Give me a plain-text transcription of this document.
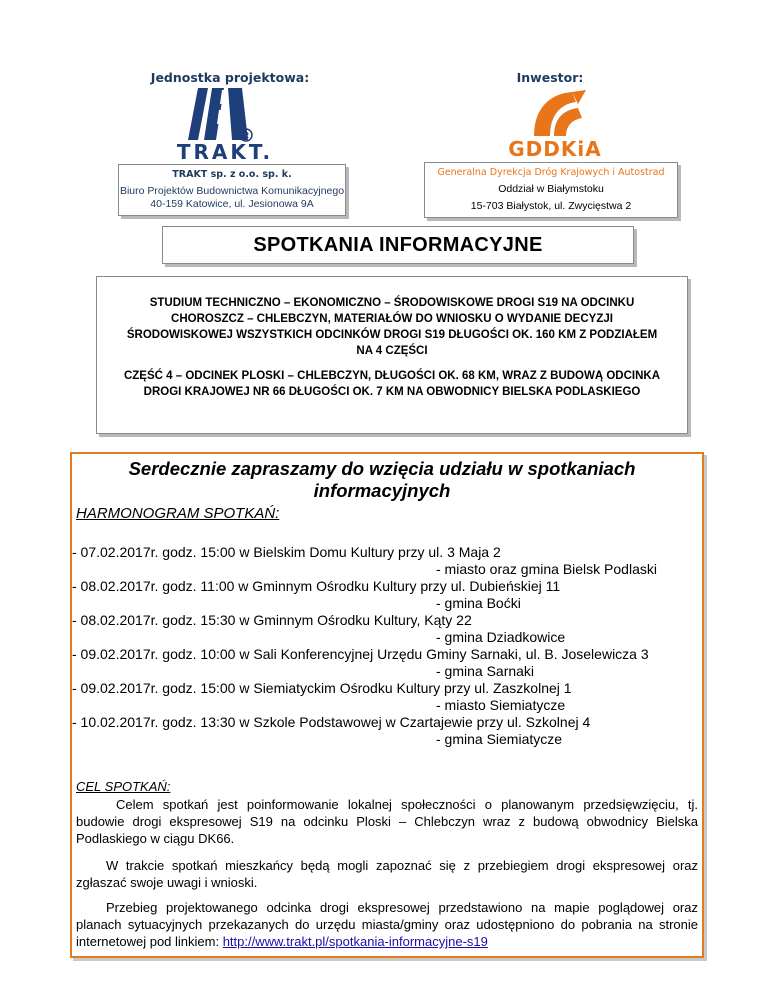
Jednostka projektowa:
R
TRAKT.
TRAKT sp. z o.o. sp. k.
Biuro Projektów Budownictwa Komunikacyjnego
40-159 Katowice, ul. Jesionowa 9A
Inwestor:
GDDKiA
Generalna Dyrekcja Dróg Krajowych i Autostrad
Oddział w Białymstoku
15-703 Białystok, ul. Zwycięstwa 2
SPOTKANIA INFORMACYJNE

STUDIUM TECHNICZNO – EKONOMICZNO – ŚRODOWISKOWE DROGI S19 NA ODCINKU CHOROSZCZ – CHLEBCZYN, MATERIAŁÓW DO WNIOSKU O WYDANIE DECYZJI ŚRODOWISKOWEJ WSZYSTKICH ODCINKÓW DROGI S19 DŁUGOŚCI OK. 160 KM Z PODZIAŁEM NA 4 CZĘŚCI

CZĘŚĆ 4 – ODCINEK PLOSKI – CHLEBCZYN, DŁUGOŚCI OK. 68 KM, WRAZ Z BUDOWĄ ODCINKA DROGI KRAJOWEJ NR 66 DŁUGOŚCI OK. 7 KM NA OBWODNICY BIELSKA PODLASKIEGO

Serdecznie zapraszamy do wzięcia udziału w spotkaniach informacyjnych
HARMONOGRAM SPOTKAŃ:
- 07.02.2017r. godz. 15:00 w Bielskim Domu Kultury przy ul. 3 Maja 2
- miasto oraz gmina Bielsk Podlaski
- 08.02.2017r. godz. 11:00 w Gminnym Ośrodku Kultury przy ul. Dubieńskiej 11
- gmina Boćki
- 08.02.2017r. godz. 15:30 w Gminnym Ośrodku Kultury, Kąty 22
- gmina Dziadkowice
- 09.02.2017r. godz. 10:00 w Sali Konferencyjnej Urzędu Gminy Sarnaki, ul. B. Joselewicza 3
- gmina Sarnaki
- 09.02.2017r. godz. 15:00 w Siemiatyckim Ośrodku Kultury przy ul. Zaszkolnej 1
- miasto Siemiatycze
- 10.02.2017r. godz. 13:30 w Szkole Podstawowej w Czartajewie przy ul. Szkolnej 4
- gmina Siemiatycze
CEL SPOTKAŃ:
Celem spotkań jest poinformowanie lokalnej społeczności o planowanym przedsięwzięciu, tj. budowie drogi ekspresowej S19 na odcinku Ploski – Chlebczyn wraz z budową obwodnicy Bielska Podlaskiego w ciągu DK66.
W trakcie spotkań mieszkańcy będą mogli zapoznać się z przebiegiem drogi ekspresowej oraz zgłaszać swoje uwagi i wnioski.
Przebieg projektowanego odcinka drogi ekspresowej przedstawiono na mapie poglądowej oraz planach sytuacyjnych przekazanych do urzędu miasta/gminy oraz udostępniono do pobrania na stronie internetowej pod linkiem: http://www.trakt.pl/spotkania-informacyjne-s19
